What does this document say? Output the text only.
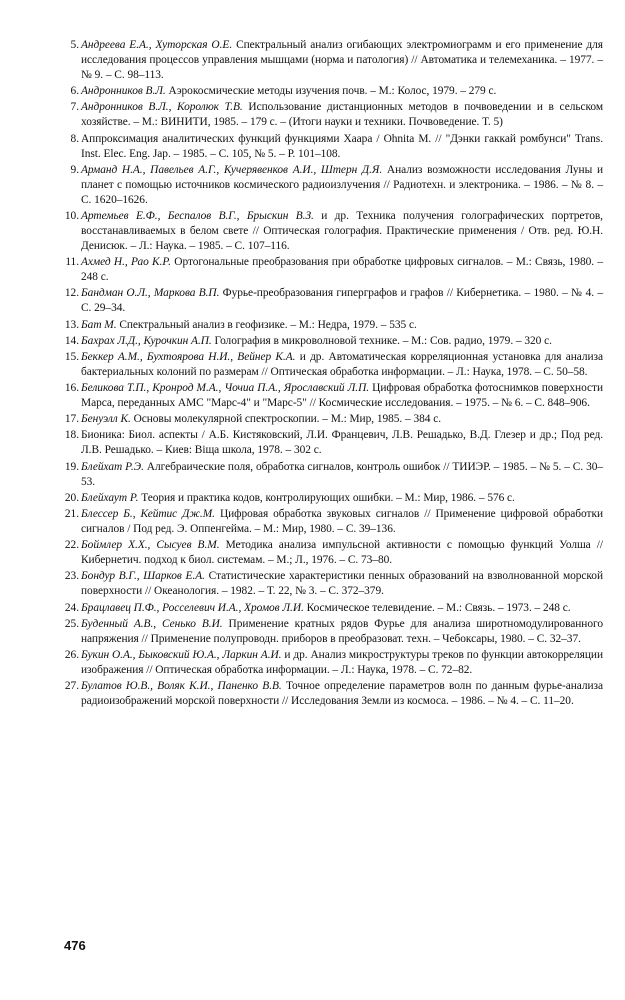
5. Андреева Е.А., Хуторская О.Е. Спектральный анализ огибающих электромиограмм и его применение для исследования процессов управления мышцами (норма и патология) // Автоматика и телемеханика. – 1977. – № 9. – С. 98–113.
6. Андронников В.Л. Аэрокосмические методы изучения почв. – М.: Колос, 1979. – 279 с.
7. Андронников В.Л., Королюк Т.В. Использование дистанционных методов в почвоведении и в сельском хозяйстве. – М.: ВИНИТИ, 1985. – 179 с. – (Итоги науки и техники. Почвоведение. Т. 5)
8. Аппроксимация аналитических функций функциями Хаара / Ohnita M. // "Дэнки гаккай ромбунси" Trans. Inst. Elec. Eng. Jap. – 1985. – С. 105, № 5. – Р. 101–108.
9. Арманд Н.А., Павельев А.Г., Кучерявенков А.И., Штерн Д.Я. Анализ возможности исследования Луны и планет с помощью источников космического радиоизлучения // Радиотехн. и электроника. – 1986. – № 8. – С. 1620–1626.
10. Артемьев Е.Ф., Беспалов В.Г., Брыскин В.З. и др. Техника получения голографических портретов, восстанавливаемых в белом свете // Оптическая голография. Практические применения / Отв. ред. Ю.Н. Денисюк. – Л.: Наука. – 1985. – С. 107–116.
11. Ахмед Н., Рао К.Р. Ортогональные преобразования при обработке цифровых сигналов. – М.: Связь, 1980. – 248 с.
12. Бандман О.Л., Маркова В.П. Фурье-преобразования гиперграфов и графов // Кибернетика. – 1980. – № 4. – С. 29–34.
13. Бат М. Спектральный анализ в геофизике. – М.: Недра, 1979. – 535 с.
14. Бахрах Л.Д., Курочкин А.П. Голография в микроволновой технике. – М.: Сов. радио, 1979. – 320 с.
15. Беккер А.М., Бухтоярова Н.И., Вейнер К.А. и др. Автоматическая корреляционная установка для анализа бактериальных колоний по размерам // Оптическая обработка информации. – Л.: Наука, 1978. – С. 50–58.
16. Беликова Т.П., Кронрод М.А., Чочиа П.А., Ярославский Л.П. Цифровая обработка фотоснимков поверхности Марса, переданных АМС "Марс-4" и "Марс-5" // Космические исследования. – 1975. – № 6. – С. 848–906.
17. Бенуэлл К. Основы молекулярной спектроскопии. – М.: Мир, 1985. – 384 с.
18. Бионика: Биол. аспекты / А.Б. Кистяковский, Л.И. Францевич, Л.В. Решадько, В.Д. Глезер и др.; Под ред. Л.В. Решадько. – Киев: Віща школа, 1978. – 302 с.
19. Блейхат Р.Э. Алгебраические поля, обработка сигналов, контроль ошибок // ТИИЭР. – 1985. – № 5. – С. 30–53.
20. Блейхаут Р. Теория и практика кодов, контролирующих ошибки. – М.: Мир, 1986. – 576 с.
21. Блессер Б., Кейтис Дж.М. Цифровая обработка звуковых сигналов // Применение цифровой обработки сигналов / Под ред. Э. Оппенгейма. – М.: Мир, 1980. – С. 39–136.
22. Боймлер Х.Х., Сысуев В.М. Методика анализа импульсной активности с помощью функций Уолша // Кибернетич. подход к биол. системам. – М.; Л., 1976. – С. 73–80.
23. Бондур В.Г., Шарков Е.А. Статистические характеристики пенных образований на взволнованной морской поверхности // Океанология. – 1982. – Т. 22, № 3. – С. 372–379.
24. Брацлавец П.Ф., Росселевич И.А., Хромов Л.И. Космическое телевидение. – М.: Связь. – 1973. – 248 с.
25. Буденный А.В., Сенько В.И. Применение кратных рядов Фурье для анализа широтномодулированного напряжения // Применение полупроводн. приборов в преобразоват. техн. – Чебоксары, 1980. – С. 32–37.
26. Букин О.А., Быковский Ю.А., Ларкин А.И. и др. Анализ микроструктуры треков по функции автокорреляции изображения // Оптическая обработка информации. – Л.: Наука, 1978. – С. 72–82.
27. Булатов Ю.В., Воляк К.И., Паненко В.В. Точное определение параметров волн по данным фурье-анализа радиоизображений морской поверхности // Исследования Земли из космоса. – 1986. – № 4. – С. 11–20.
476
